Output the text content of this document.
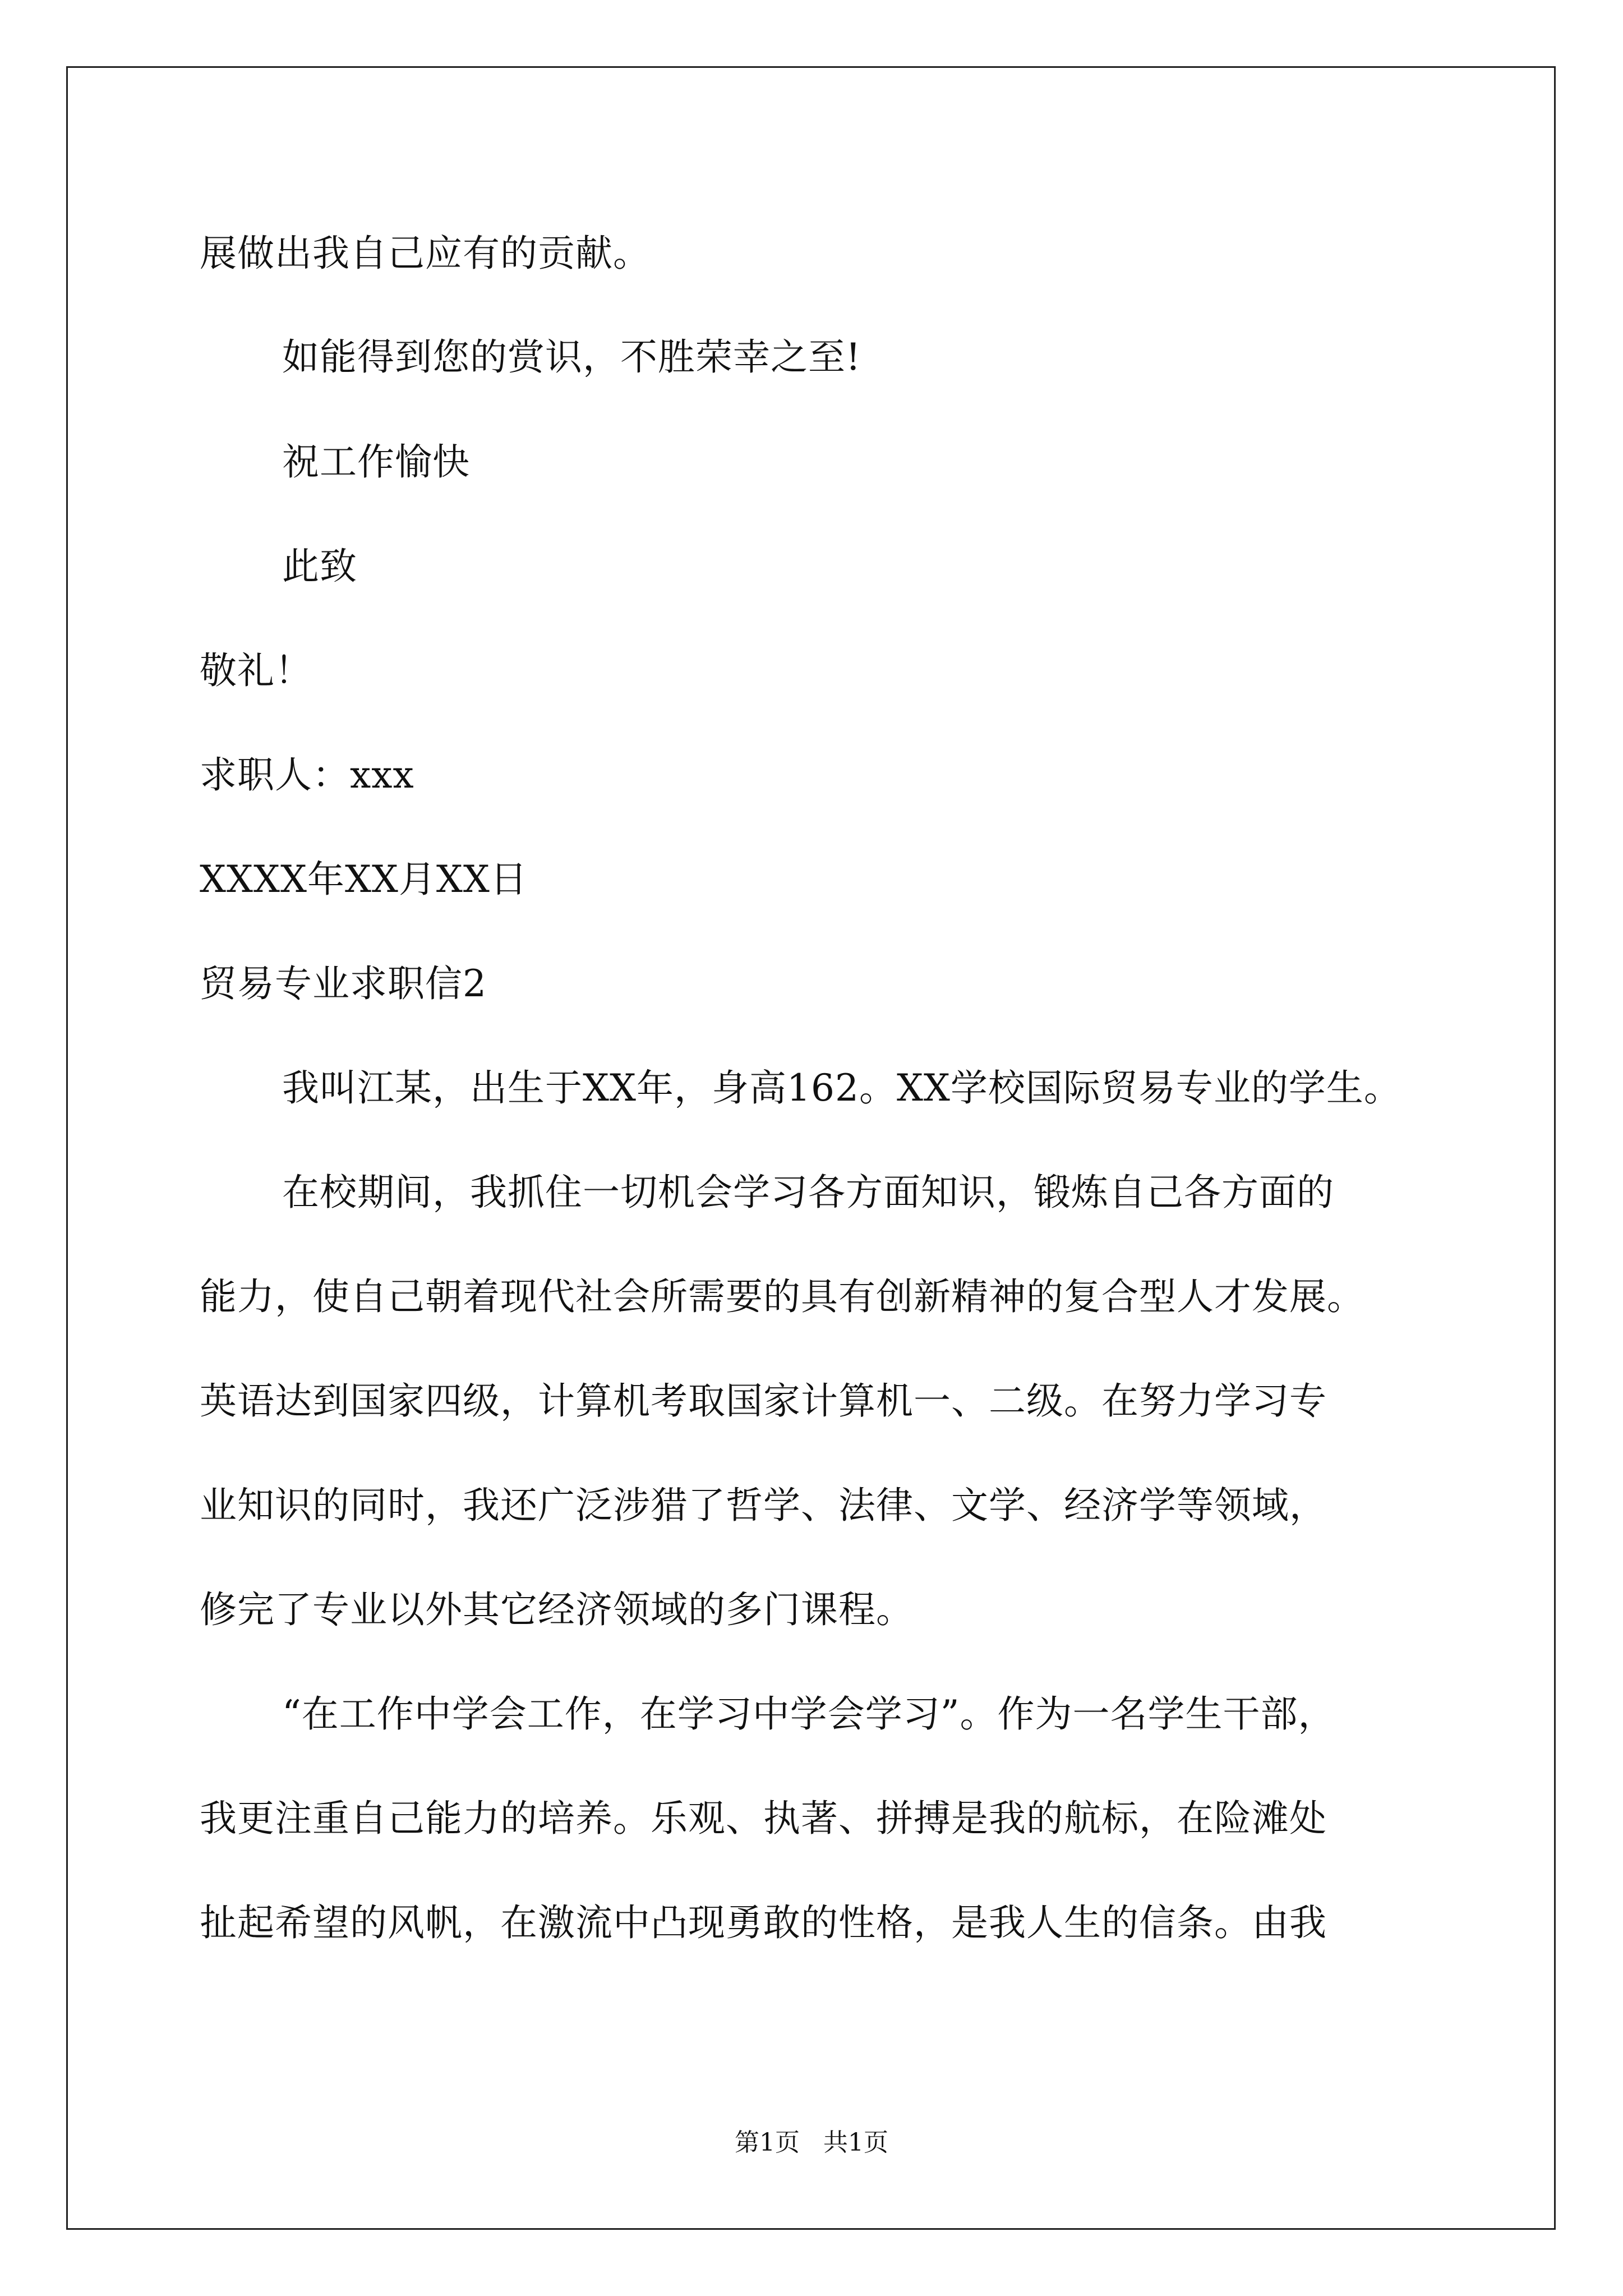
展做出我自己应有的贡献。

如能得到您的赏识，不胜荣幸之至!

祝工作愉快

此致

敬礼！

求职人：xxx

XXXX年XX月XX日

贸易专业求职信2

我叫江某，出生于XX年，身高162。XX学校国际贸易专业的学生。

在校期间，我抓住一切机会学习各方面知识，锻炼自己各方面的

能力，使自己朝着现代社会所需要的具有创新精神的复合型人才发展。

英语达到国家四级，计算机考取国家计算机一、二级。在努力学习专

业知识的同时，我还广泛涉猎了哲学、法律、文学、经济学等领域，

修完了专业以外其它经济领域的多门课程。

“在工作中学会工作，在学习中学会学习”。作为一名学生干部，

我更注重自己能力的培养。乐观、执著、拼搏是我的航标，在险滩处

扯起希望的风帆，在激流中凸现勇敢的性格，是我人生的信条。由我

第1页   共1页
